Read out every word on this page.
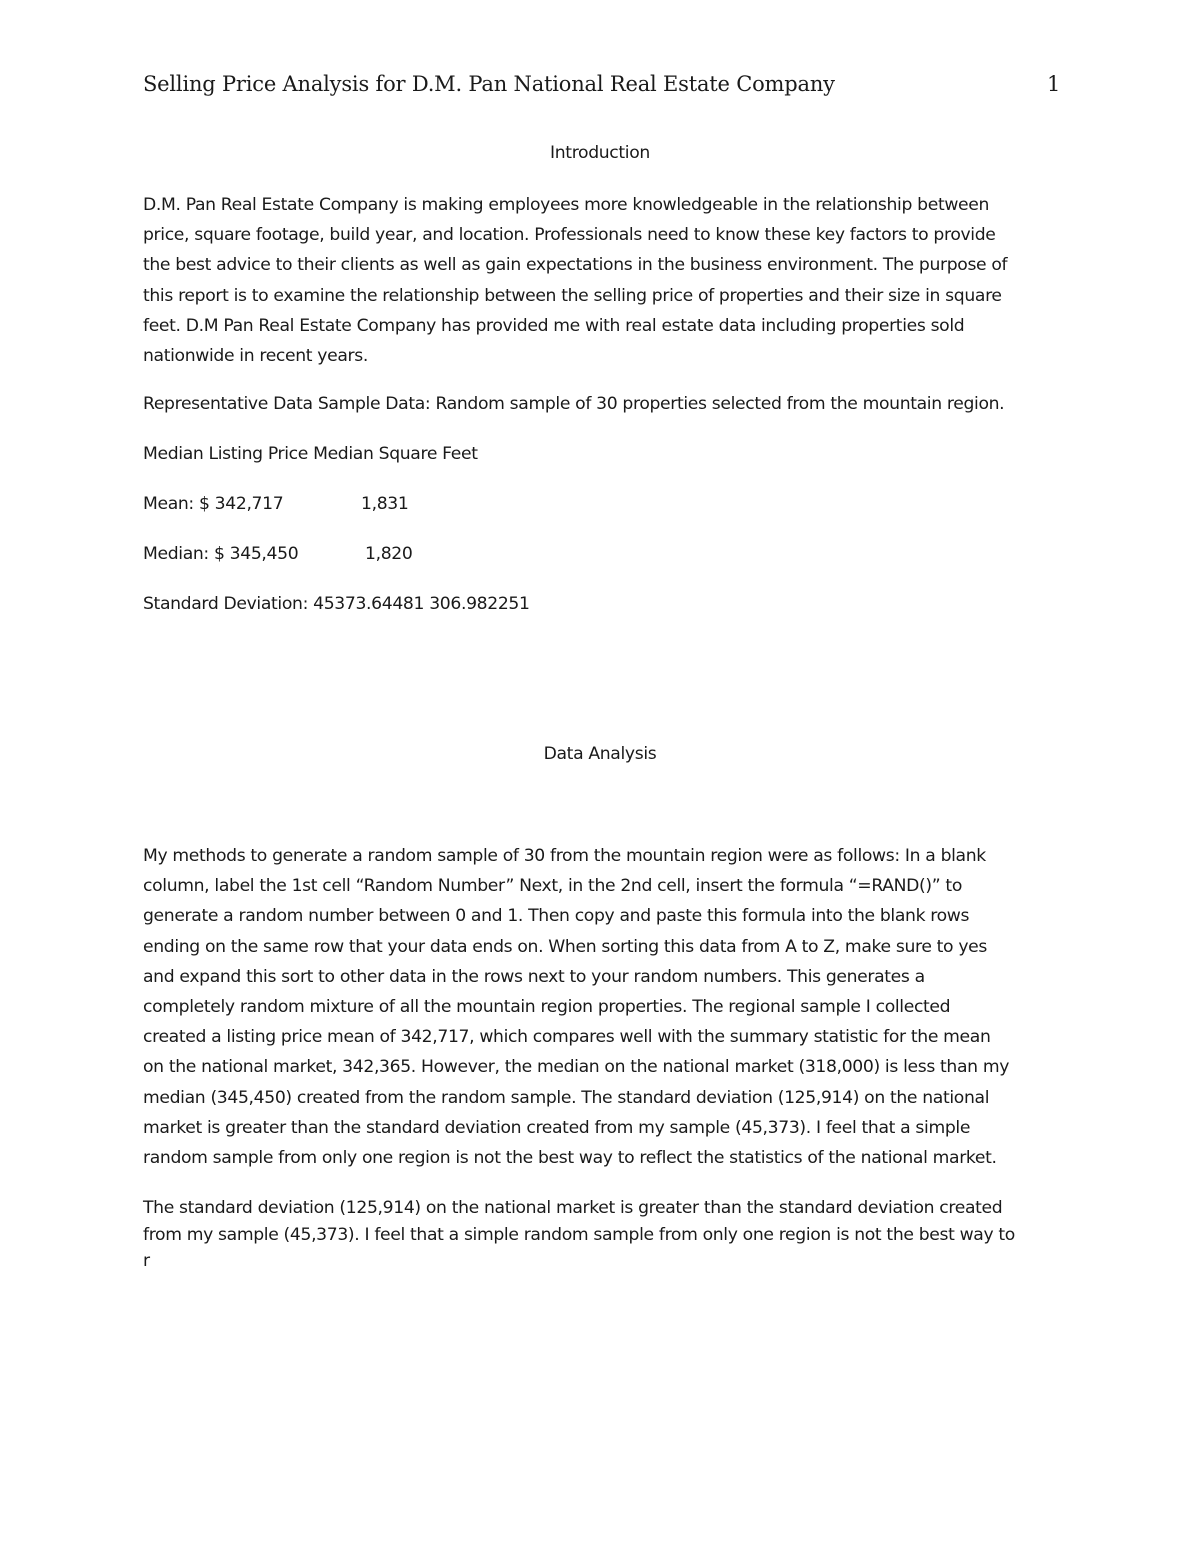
Selling Price Analysis for D.M. Pan National Real Estate Company	1
Introduction
D.M. Pan Real Estate Company is making employees more knowledgeable in the relationship between
price, square footage, build year, and location. Professionals need to know these key factors to provide
the best advice to their clients as well as gain expectations in the business environment. The purpose of
this report is to examine the relationship between the selling price of properties and their size in square
feet. D.M Pan Real Estate Company has provided me with real estate data including properties sold
nationwide in recent years.
Representative Data Sample Data: Random sample of 30 properties selected from the mountain region.
Median Listing Price Median Square Feet
Mean: $ 342,717	1,831
Median: $ 345,450	1,820
Standard Deviation: 45373.64481 306.982251
Data Analysis
My methods to generate a random sample of 30 from the mountain region were as follows: In a blank
column, label the 1st cell “Random Number” Next, in the 2nd cell, insert the formula “=RAND()” to
generate a random number between 0 and 1. Then copy and paste this formula into the blank rows
ending on the same row that your data ends on. When sorting this data from A to Z, make sure to yes
and expand this sort to other data in the rows next to your random numbers. This generates a
completely random mixture of all the mountain region properties. The regional sample I collected
created a listing price mean of 342,717, which compares well with the summary statistic for the mean
on the national market, 342,365. However, the median on the national market (318,000) is less than my
median (345,450) created from the random sample. The standard deviation (125,914) on the national
market is greater than the standard deviation created from my sample (45,373). I feel that a simple
random sample from only one region is not the best way to reflect the statistics of the national market.
The standard deviation (125,914) on the national market is greater than the standard deviation created
from my sample (45,373). I feel that a simple random sample from only one region is not the best way to
r
